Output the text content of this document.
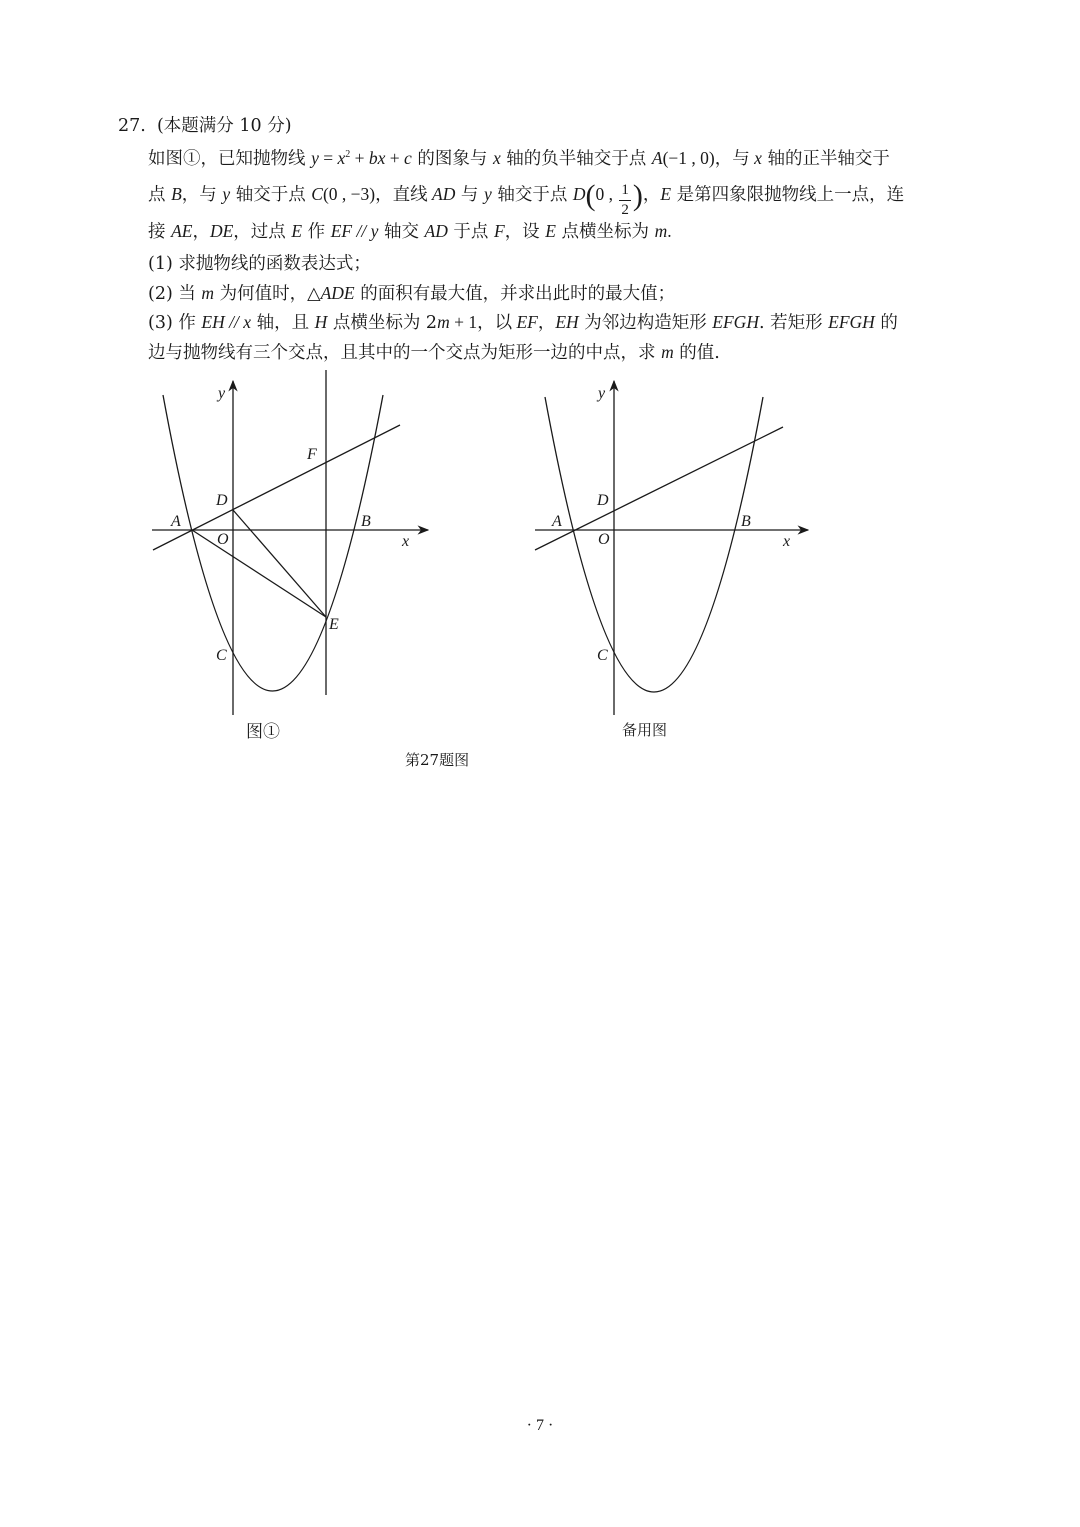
27. (本题满分 10 分)
如图①，已知抛物线 $y = x^2$ + bx + c 的图象与 x 轴的负半轴交于点 A(−1 , 0)，与 x 轴的正半轴交于
点 B，与 y 轴交于点 C(0 , −3)，直线 AD 与 y 轴交于点 D(0 , $\frac{1}{2}$ )，E 是第四象限抛物线上一点，连
接 AE，DE，过点 E 作 EF // y 轴交 AD 于点 F，设 E 点横坐标为 m.
(1) 求抛物线的函数表达式；
(2) 当 m 为何值时，△ADE 的面积有最大值，并求出此时的最大值；
(3) 作 EH // x 轴，且 H 点横坐标为 2m + 1，以 EF，EH 为邻边构造矩形 EFGH. 若矩形 EFGH 的
边与抛物线有三个交点，且其中的一个交点为矩形一边的中点，求 m 的值.
y
x
F
D
A	B
O
E
C
y
x
D
A	B
O
C
图①	备用图
第27题图
· 7 ·
